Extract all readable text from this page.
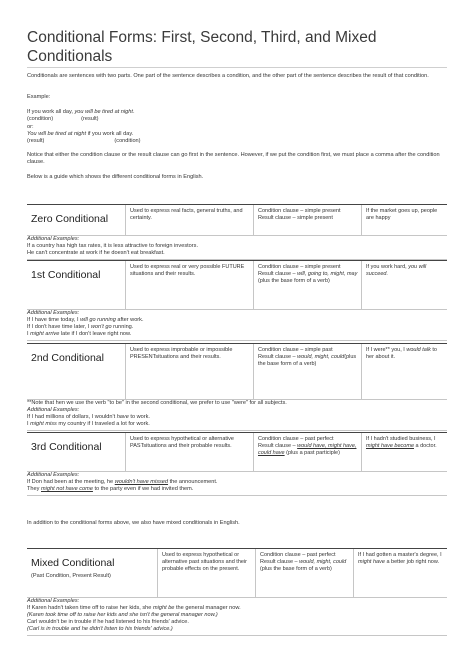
Conditional Forms: First, Second, Third, and Mixed
Conditionals
Conditionals are sentences with two parts. One part of the sentence describes a condition, and the other part of the sentence describes the result of that condition.
Example:
If you work all day, you will be tired at night.
(condition)	(result)
or:
You will be tired at night if you work all day.
(result)	(condition)
Notice that either the condition clause or the result clause can go first in the sentence. However, if we put the condition first, we must place a comma after the condition clause.
Below is a guide which shows the different conditional forms in English.
Zero Conditional
Used to express real facts, general truths, and certainty.
Condition clause – simple present
Result clause – simple present
If the market goes up, people are happy
Additional Examples:
If a country has high tax rates, it is less attractive to foreign investors.
He can't concentrate at work if he doesn't eat breakfast.
1st Conditional
Used to express real or very possible FUTURE situations and their results.
Condition clause – simple present
Result clause – will, going to, might, may (plus the base form of a verb)
If you work hard, you will succeed.
Additional Examples:
If I have time today, I will go running after work.
If I don't have time later, I won't go running.
I might arrive late if I don't leave right now.
2nd Conditional
Used to express improbable or impossible PRESENTsituations and their results.
Condition clause – simple past
Result clause – would, might, could(plus the base form of a verb)
If I were** you, I would talk to her about it.
**Note that hen we use the verb "to be" in the second conditional, we prefer to use "were" for all subjects.
Additional Examples:
If I had millions of dollars, I wouldn't have to work.
I might miss my country if I traveled a lot for work.
3rd Conditional
Used to express hypothetical or alternative PASTsituations and their probable results.
Condition clause – past perfect
Result clause – would have, might have, could have (plus a past participle)
If I hadn't studied business, I might have become a doctor.
Additional Examples:
If Don had been at the meeting, he wouldn't have missed the announcement.
They might not have come to the party even if we had invited them.
In addition to the conditional forms above, we also have mixed conditionals in English.
Mixed Conditional
(Past Condition, Present Result)
Used to express hypothetical or alternative past situations and their probable effects on the present.
Condition clause – past perfect
Result clause – would, might, could (plus the base form of a verb)
If I had gotten a master's degree, I might have a better job right now.
Additional Examples:
If Karen hadn't taken time off to raise her kids, she might be the general manager now.
(Karen took time off to raise her kids and she isn't the general manager now.)
Carl wouldn't be in trouble if he had listened to his friends' advice.
(Carl is in trouble and he didn't listen to his friends' advice.)
